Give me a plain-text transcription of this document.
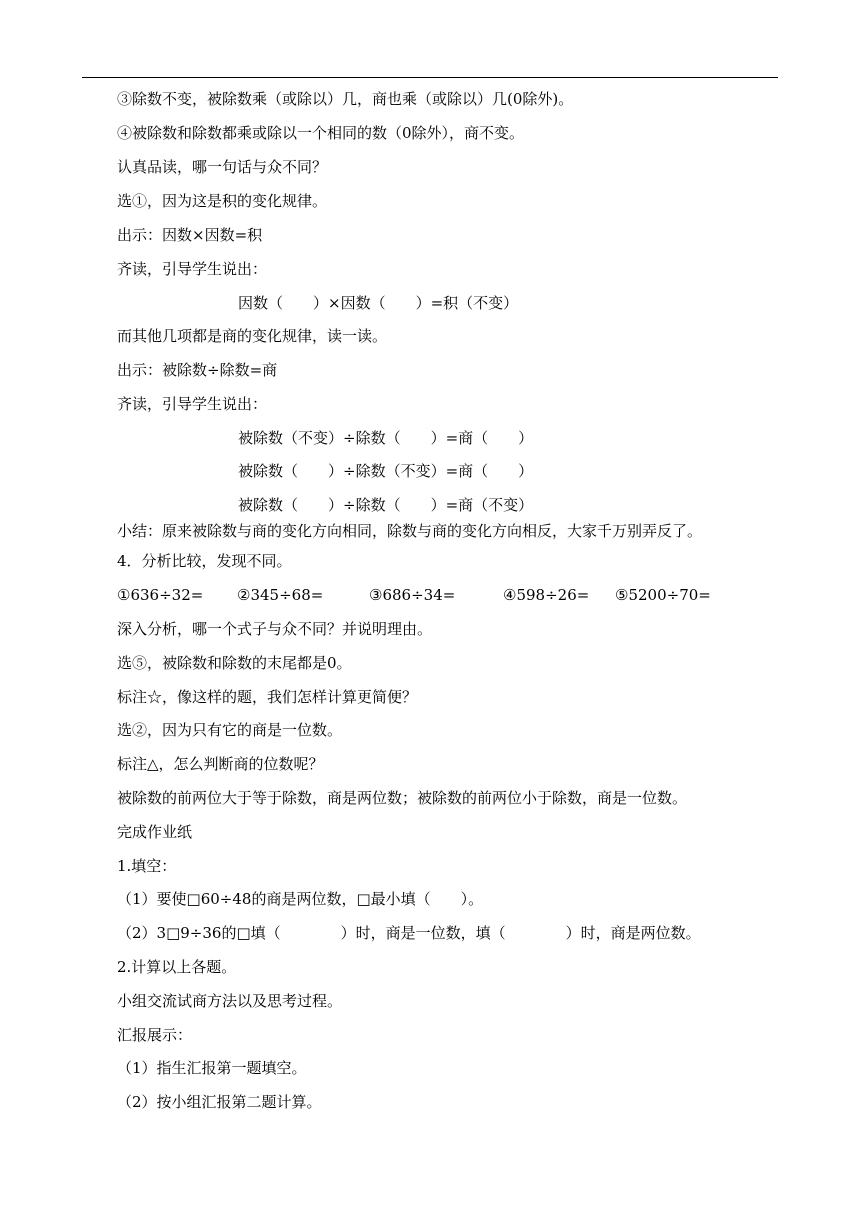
③除数不变，被除数乘（或除以）几，商也乘（或除以）几(0除外)。
④被除数和除数都乘或除以一个相同的数（0除外），商不变。
认真品读，哪一句话与众不同？
选①，因为这是积的变化规律。
出示：因数×因数=积
齐读，引导学生说出：
因数（　　）×因数（　　）=积（不变）
而其他几项都是商的变化规律，读一读。
出示：被除数÷除数=商
齐读，引导学生说出：
被除数（不变）÷除数（　　）=商（　　）
被除数（　　）÷除数（不变）=商（　　）
被除数（　　）÷除数（　　）=商（不变）
小结：原来被除数与商的变化方向相同，除数与商的变化方向相反，大家千万别弄反了。
4．分析比较，发现不同。
①636÷32= ②345÷68=	③686÷34=	④598÷26= ⑤5200÷70=
深入分析，哪一个式子与众不同？并说明理由。
选⑤，被除数和除数的末尾都是0。
标注☆，像这样的题，我们怎样计算更简便？
选②，因为只有它的商是一位数。
标注△，怎么判断商的位数呢？
被除数的前两位大于等于除数，商是两位数；被除数的前两位小于除数，商是一位数。
完成作业纸
1.填空：
（1）要使□60÷48的商是两位数，□最小填（　　）。
（2）3□9÷36的□填（　　　　）时，商是一位数，填（　　　　）时，商是两位数。
2.计算以上各题。
小组交流试商方法以及思考过程。
汇报展示：
（1）指生汇报第一题填空。
（2）按小组汇报第二题计算。
